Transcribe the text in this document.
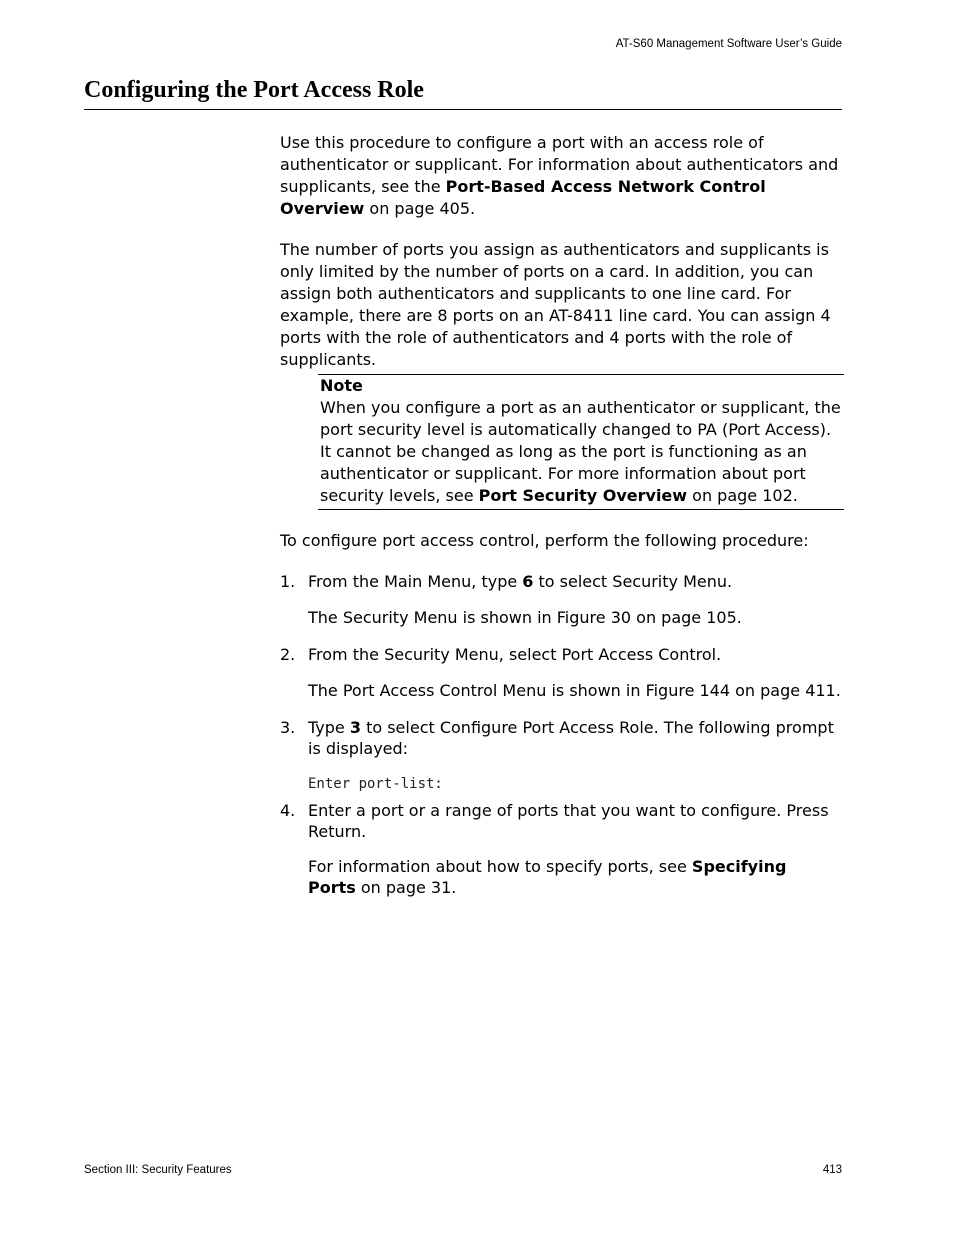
AT-S60 Management Software User’s Guide
Configuring the Port Access Role

Use this procedure to configure a port with an access role of authenticator or supplicant. For information about authenticators and supplicants, see the Port-Based Access Network Control Overview on page 405.

The number of ports you assign as authenticators and supplicants is only limited by the number of ports on a card. In addition, you can assign both authenticators and supplicants to one line card. For example, there are 8 ports on an AT-8411 line card. You can assign 4 ports with the role of authenticators and 4 ports with the role of supplicants.

Note
When you configure a port as an authenticator or supplicant, the port security level is automatically changed to PA (Port Access). It cannot be changed as long as the port is functioning as an authenticator or supplicant. For more information about port security levels, see Port Security Overview on page 102.
To configure port access control, perform the following procedure:
1. From the Main Menu, type 6 to select Security Menu.
The Security Menu is shown in Figure 30 on page 105.
2. From the Security Menu, select Port Access Control.
The Port Access Control Menu is shown in Figure 144 on page 411.
3. Type 3 to select Configure Port Access Role. The following prompt is displayed:
Enter port-list:
4. Enter a port or a range of ports that you want to configure. Press Return.
For information about how to specify ports, see Specifying Ports on page 31.
Section III: Security Features	413
